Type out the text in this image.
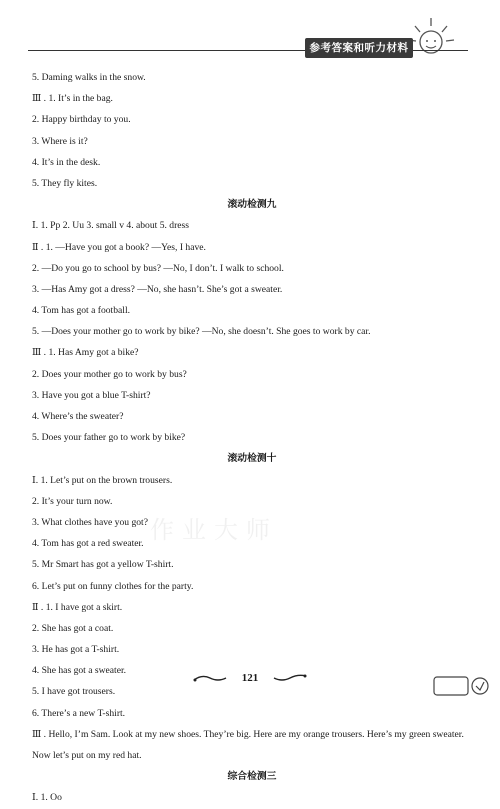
参考答案和听力材料
作业大师
5. Daming walks in the snow.
Ⅲ . 1. It’s in the bag.
2. Happy birthday to you.
3. Where is it?
4. It’s in the desk.
5. They fly kites.
滚动检测九
Ⅰ. 1. Pp 2. Uu 3. small v 4. about 5. dress
Ⅱ . 1. —Have you got a book? —Yes, I have.
2. —Do you go to school by bus? —No, I don’t. I walk to school.
3. —Has Amy got a dress? —No, she hasn’t. She’s got a sweater.
4. Tom has got a football.
5. —Does your mother go to work by bike? —No, she doesn’t. She goes to work by car.
Ⅲ . 1. Has Amy got a bike?
2. Does your mother go to work by bus?
3. Have you got a blue T-shirt?
4. Where’s the sweater?
5. Does your father go to work by bike?
滚动检测十
Ⅰ. 1. Let’s put on the brown trousers.
2. It’s your turn now.
3. What clothes have you got?
4. Tom has got a red sweater.
5. Mr Smart has got a yellow T-shirt.
6. Let’s put on funny clothes for the party.
Ⅱ . 1. I have got a skirt.
2. She has got a coat.
3. He has got a T-shirt.
4. She has got a sweater.
5. I have got trousers.
6. There’s a new T-shirt.
Ⅲ . Hello, I’m Sam. Look at my new shoes. They’re big. Here are my orange trousers. Here’s my green sweater.
Now let’s put on my red hat.
综合检测三
Ⅰ. 1. Oo
121
